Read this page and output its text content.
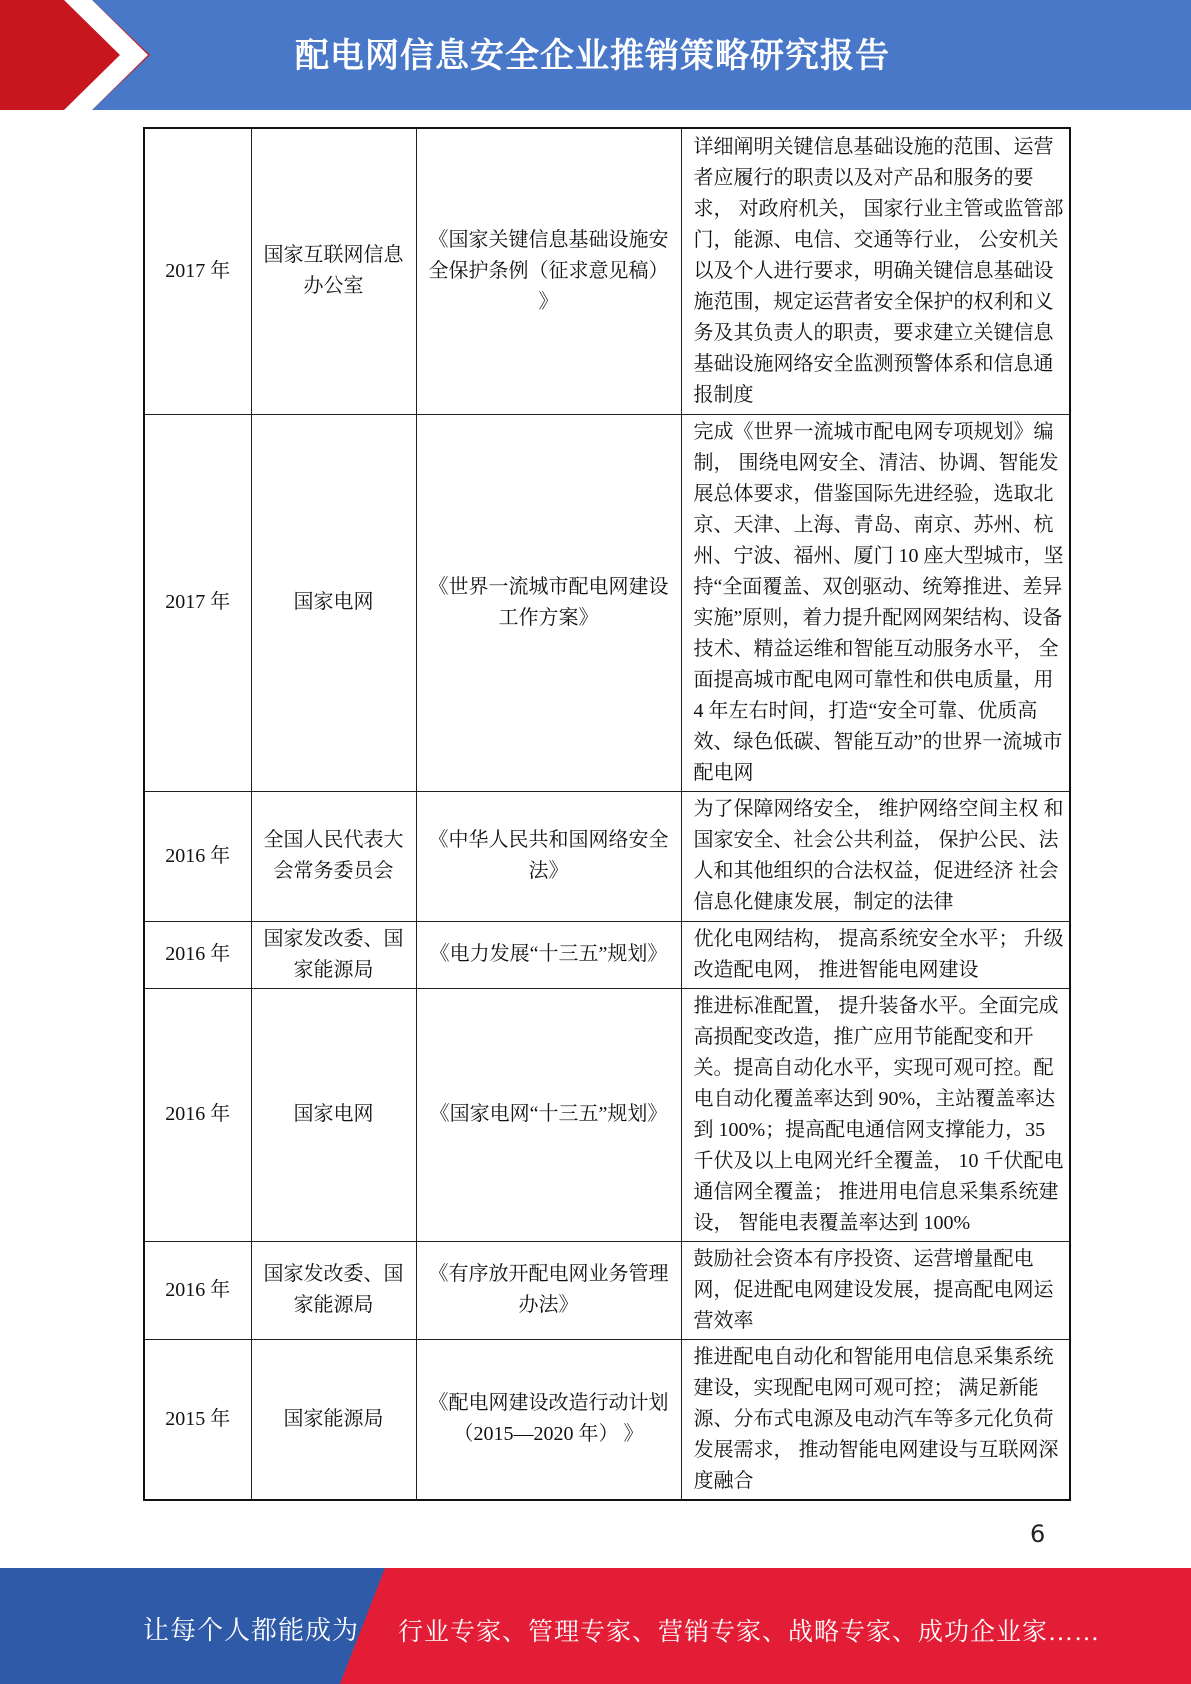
配电网信息安全企业推销策略研究报告
2017 年	国家互联网信息办公室	《国家关键信息基础设施安全保护条例（征求意见稿） 》	详细阐明关键信息基础设施的范围、运营者应履行的职责以及对产品和服务的要求， 对政府机关， 国家行业主管或监管部门，能源、电信、交通等行业， 公安机关以及个人进行要求，明确关键信息基础设施范围，规定运营者安全保护的权利和义务及其负责人的职责，要求建立关键信息基础设施网络安全监测预警体系和信息通报制度
2017 年	国家电网	《世界一流城市配电网建设工作方案》	完成《世界一流城市配电网专项规划》编制， 围绕电网安全、清洁、协调、智能发展总体要求，借鉴国际先进经验，选取北京、天津、上海、青岛、南京、苏州、杭州、宁波、福州、厦门 10 座大型城市，坚持“全面覆盖、双创驱动、统筹推进、差异实施”原则，着力提升配网网架结构、设备技术、精益运维和智能互动服务水平， 全面提高城市配电网可靠性和供电质量，用 4 年左右时间，打造“安全可靠、优质高效、绿色低碳、智能互动”的世界一流城市配电网
2016 年	全国人民代表大会常务委员会	《中华人民共和国网络安全法》	为了保障网络安全， 维护网络空间主权 和国家安全、社会公共利益， 保护公民、法人和其他组织的合法权益，促进经济 社会信息化健康发展，制定的法律
2016 年	国家发改委、国家能源局	《电力发展“十三五”规划》	优化电网结构， 提高系统安全水平； 升级改造配电网， 推进智能电网建设
2016 年	国家电网	《国家电网“十三五”规划》	推进标准配置， 提升装备水平。全面完成高损配变改造，推广应用节能配变和开关。提高自动化水平，实现可观可控。配电自动化覆盖率达到 90%，主站覆盖率达到 100%；提高配电通信网支撑能力，35 千伏及以上电网光纤全覆盖， 10 千伏配电通信网全覆盖； 推进用电信息采集系统建设， 智能电表覆盖率达到 100%
2016 年	国家发改委、国家能源局	《有序放开配电网业务管理办法》	鼓励社会资本有序投资、运营增量配电网，促进配电网建设发展，提高配电网运营效率
2015 年	国家能源局	《配电网建设改造行动计划（2015—2020 年） 》	推进配电自动化和智能用电信息采集系统建设，实现配电网可观可控； 满足新能源、分布式电源及电动汽车等多元化负荷发展需求， 推动智能电网建设与互联网深度融合
6
让每个人都能成为 行业专家、管理专家、营销专家、战略专家、成功企业家……
